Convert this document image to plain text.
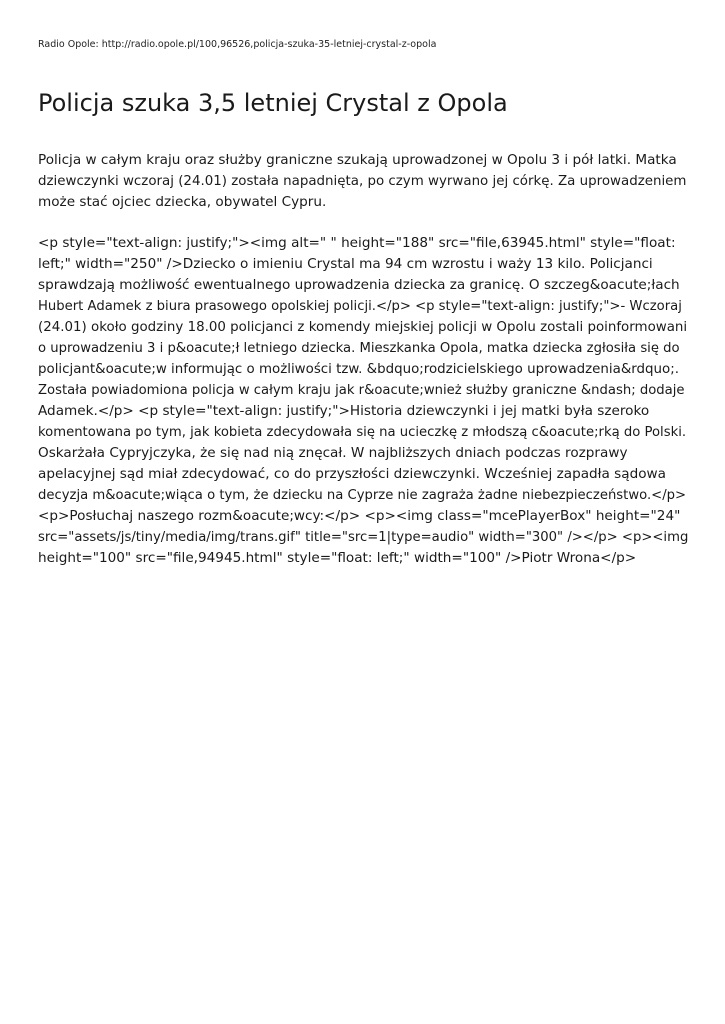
Radio Opole: http://radio.opole.pl/100,96526,policja-szuka-35-letniej-crystal-z-opola
Policja szuka 3,5 letniej Crystal z Opola
Policja w całym kraju oraz służby graniczne szukają uprowadzonej w Opolu 3 i pół latki. Matka
dziewczynki wczoraj (24.01) została napadnięta, po czym wyrwano jej córkę. Za uprowadzeniem
może stać ojciec dziecka, obywatel Cypru.
<p style="text-align: justify;"><img alt=" " height="188" src="file,63945.html" style="float:
left;" width="250" />Dziecko o imieniu Crystal ma 94 cm wzrostu i waży 13 kilo. Policjanci
sprawdzają możliwość ewentualnego uprowadzenia dziecka za granicę. O szczeg&oacute;łach
Hubert Adamek z biura prasowego opolskiej policji.</p> <p style="text-align: justify;">- Wczoraj
(24.01) około godziny 18.00 policjanci z komendy miejskiej policji w Opolu zostali poinformowani
o uprowadzeniu 3 i p&oacute;ł letniego dziecka. Mieszkanka Opola, matka dziecka zgłosiła się do
policjant&oacute;w informując o możliwości tzw. &bdquo;rodzicielskiego uprowadzenia&rdquo;.
Została powiadomiona policja w całym kraju jak r&oacute;wnież służby graniczne &ndash; dodaje
Adamek.</p> <p style="text-align: justify;">Historia dziewczynki i jej matki była szeroko
komentowana po tym, jak kobieta zdecydowała się na ucieczkę z młodszą c&oacute;rką do Polski.
Oskarżała Cypryjczyka, że się nad nią znęcał. W najbliższych dniach podczas rozprawy
apelacyjnej sąd miał zdecydować, co do przyszłości dziewczynki. Wcześniej zapadła sądowa
decyzja m&oacute;wiąca o tym, że dziecku na Cyprze nie zagraża żadne niebezpieczeństwo.</p>
<p>Posłuchaj naszego rozm&oacute;wcy:</p> <p><img class="mcePlayerBox" height="24"
src="assets/js/tiny/media/img/trans.gif" title="src=1|type=audio" width="300" /></p> <p><img
height="100" src="file,94945.html" style="float: left;" width="100" />Piotr Wrona</p>
